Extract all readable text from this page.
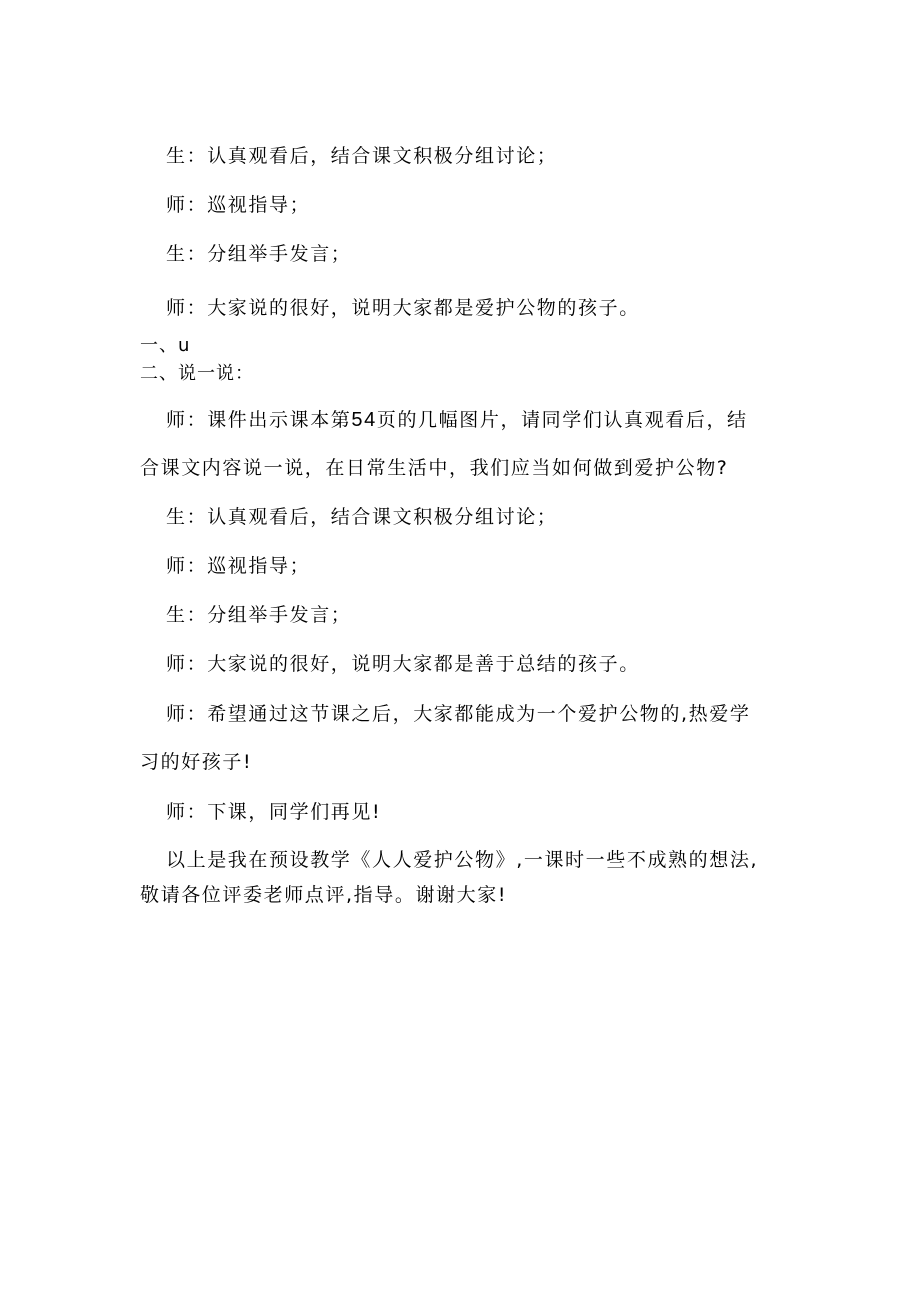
生：认真观看后，结合课文积极分组讨论；
师：巡视指导；
生：分组举手发言；
师：大家说的很好，说明大家都是爱护公物的孩子。
一、u
二、说一说：
师：课件出示课本第54页的几幅图片，请同学们认真观看后，结
合课文内容说一说，在日常生活中，我们应当如何做到爱护公物?
生：认真观看后，结合课文积极分组讨论；
师：巡视指导；
生：分组举手发言；
师：大家说的很好，说明大家都是善于总结的孩子。
师：希望通过这节课之后，大家都能成为一个爱护公物的,热爱学
习的好孩子!
师：下课，同学们再见!
以上是我在预设教学《人人爱护公物》,一课时一些不成熟的想法,
敬请各位评委老师点评,指导。谢谢大家!
